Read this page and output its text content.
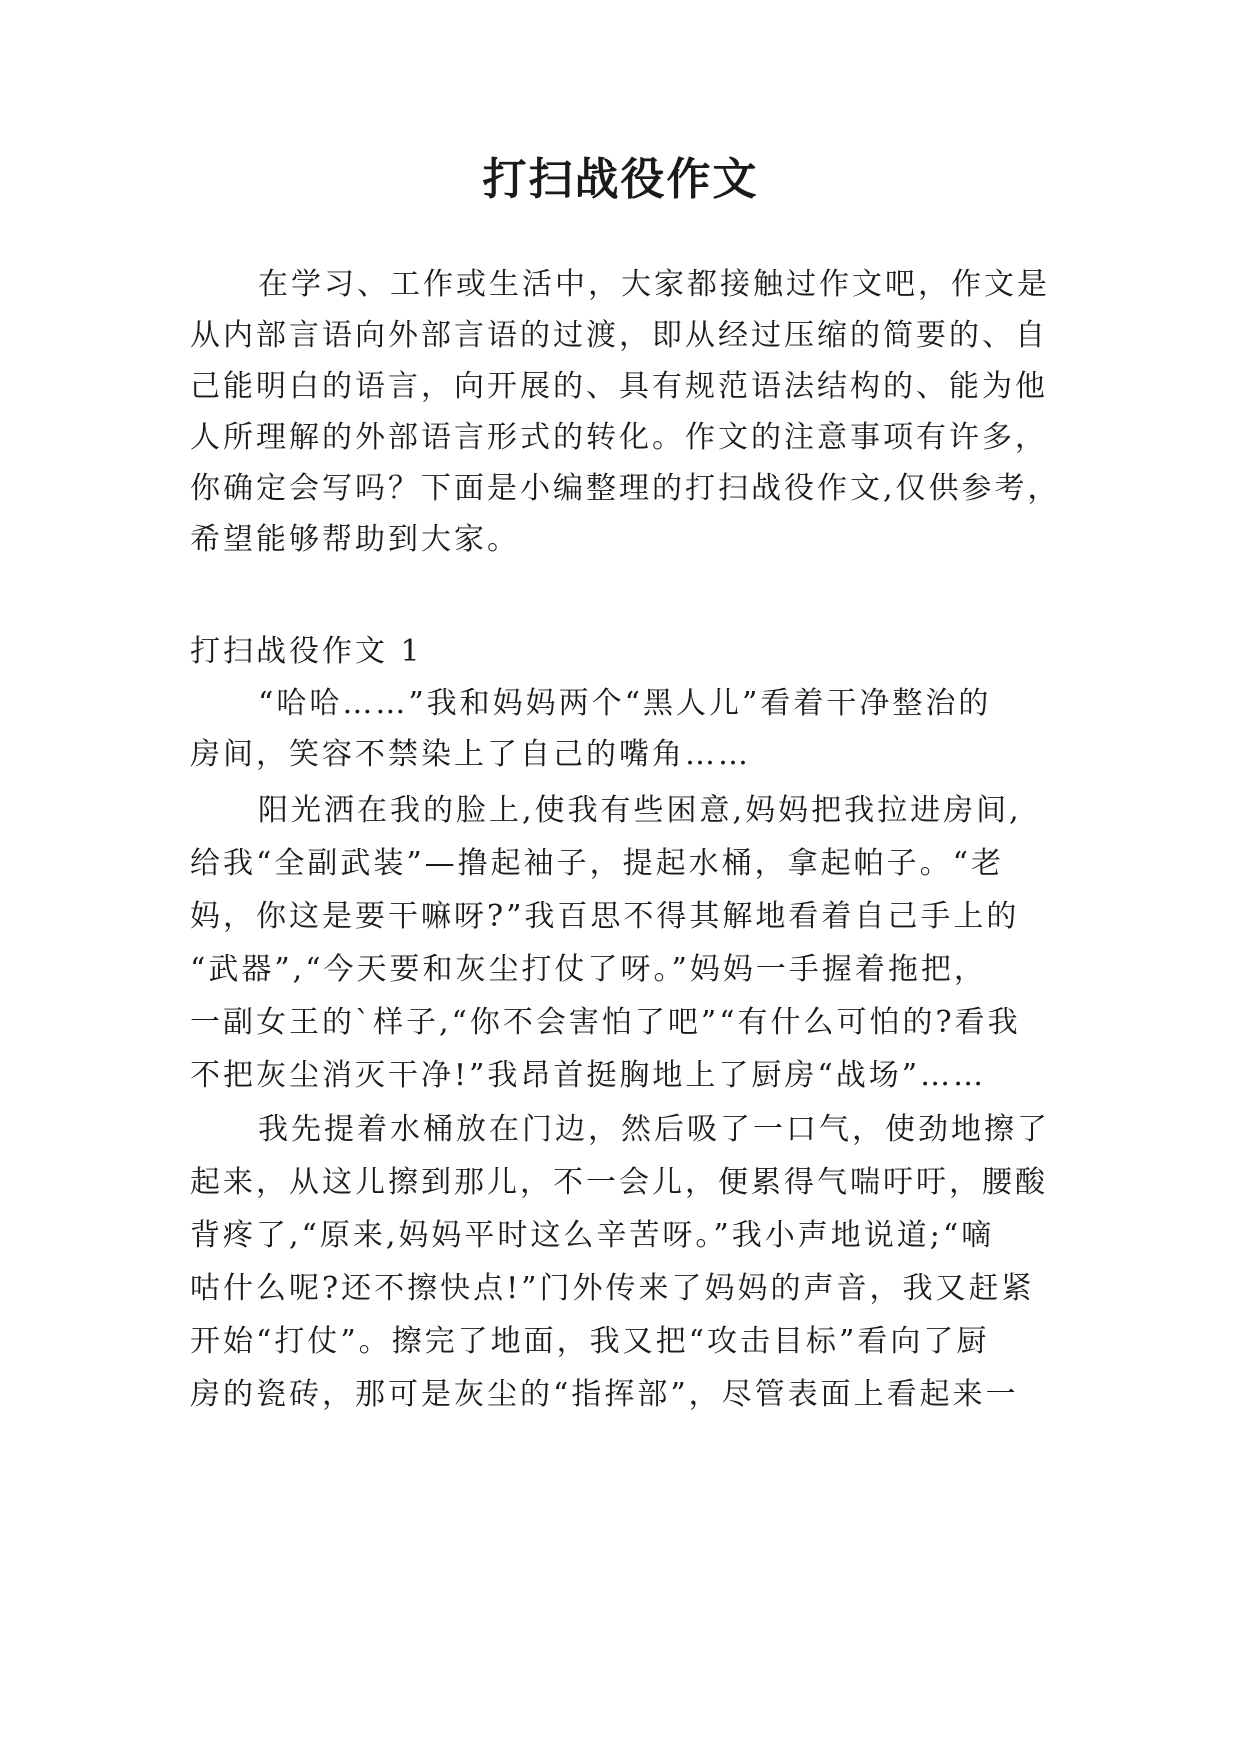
打扫战役作文
在学习、工作或生活中，大家都接触过作文吧，作文是
从内部言语向外部言语的过渡，即从经过压缩的简要的、自
己能明白的语言，向开展的、具有规范语法结构的、能为他
人所理解的外部语言形式的转化。作文的注意事项有许多，
你确定会写吗？下面是小编整理的打扫战役作文,仅供参考，
希望能够帮助到大家。
打扫战役作文 1
“哈哈……”我和妈妈两个“黑人儿”看着干净整治的
房间，笑容不禁染上了自己的嘴角……
阳光洒在我的脸上,使我有些困意,妈妈把我拉进房间,
给我“全副武装”—撸起袖子，提起水桶，拿起帕子。“老
妈，你这是要干嘛呀?”我百思不得其解地看着自己手上的
“武器”,“今天要和灰尘打仗了呀。”妈妈一手握着拖把，
一副女王的`样子,“你不会害怕了吧”“有什么可怕的?看我
不把灰尘消灭干净!”我昂首挺胸地上了厨房“战场”……
我先提着水桶放在门边，然后吸了一口气，使劲地擦了
起来，从这儿擦到那儿，不一会儿，便累得气喘吁吁，腰酸
背疼了,“原来,妈妈平时这么辛苦呀。”我小声地说道;“嘀
咕什么呢?还不擦快点!”门外传来了妈妈的声音，我又赶紧
开始“打仗”。擦完了地面，我又把“攻击目标”看向了厨
房的瓷砖，那可是灰尘的“指挥部”，尽管表面上看起来一
